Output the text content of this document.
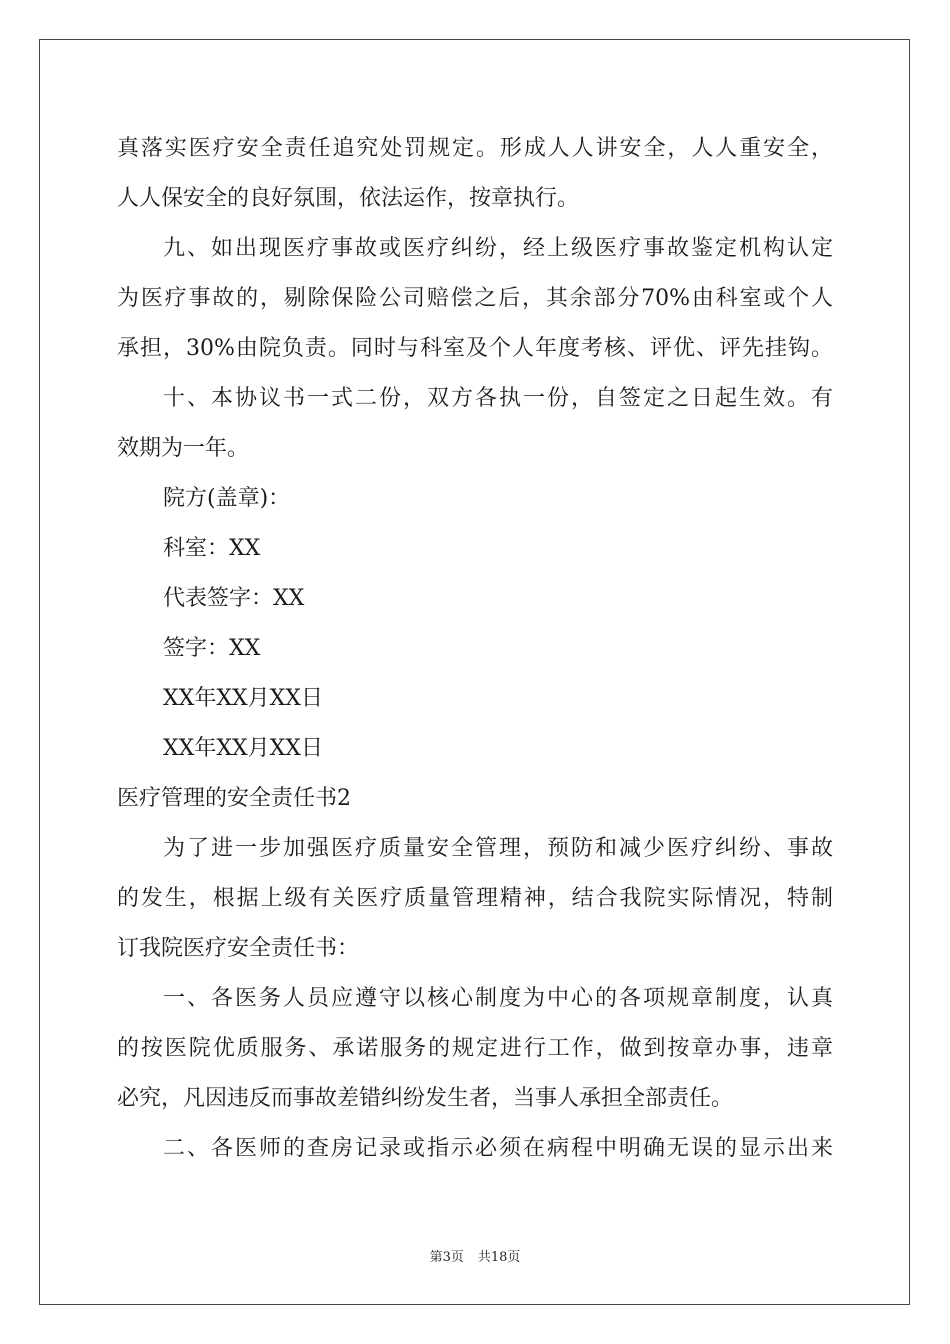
真落实医疗安全责任追究处罚规定。形成人人讲安全，人人重安全，
人人保安全的良好氛围，依法运作，按章执行。
九、如出现医疗事故或医疗纠纷，经上级医疗事故鉴定机构认定
为医疗事故的，剔除保险公司赔偿之后，其余部分70%由科室或个人
承担，30%由院负责。同时与科室及个人年度考核、评优、评先挂钩。
十、本协议书一式二份，双方各执一份，自签定之日起生效。有
效期为一年。
院方(盖章)：
科室：XX
代表签字：XX
签字：XX
XX年XX月XX日
XX年XX月XX日
医疗管理的安全责任书2
为了进一步加强医疗质量安全管理，预防和减少医疗纠纷、事故
的发生，根据上级有关医疗质量管理精神，结合我院实际情况，特制
订我院医疗安全责任书：
一、各医务人员应遵守以核心制度为中心的各项规章制度，认真
的按医院优质服务、承诺服务的规定进行工作，做到按章办事，违章
必究，凡因违反而事故差错纠纷发生者，当事人承担全部责任。
二、各医师的查房记录或指示必须在病程中明确无误的显示出来
第3页 共18页
